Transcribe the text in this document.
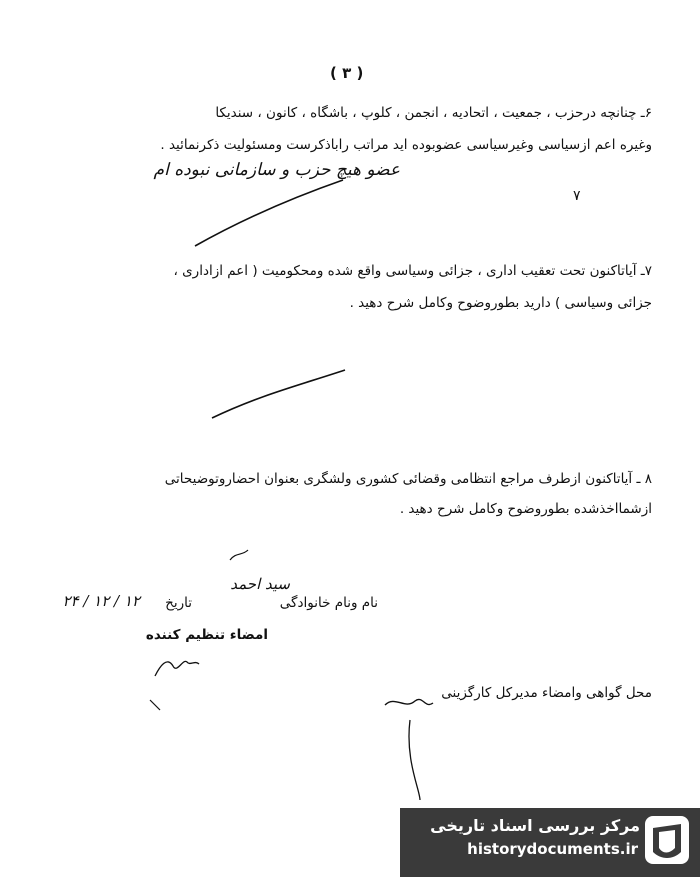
( ۳ )
۶ـ چنانچه درحزب ، جمعیت ، اتحادیه ، انجمن ، کلوپ ، باشگاه ، کانون ، سندیکا
وغیره اعم ازسیاسی وغیرسیاسی عضوبوده اید مراتب راباذکرست ومسئولیت ذکرنمائید .
عضو هیچ حزب و سازمانی نبوده ام
۷
۷ـ آیاتاکنون تحت تعقیب اداری ، جزائی وسیاسی واقع شده ومحکومیت ( اعم ازاداری ،
جزائی وسیاسی ) دارید بطوروضوح وکامل شرح دهید .
۸ ـ آیاتاکنون ازطرف مراجع انتظامی وقضائی کشوری ولشگری بعنوان احضاروتوضیحاتی
ازشمااخذشده بطوروضوح وکامل شرح دهید .
نام ونام خانوادگی
سید احمد
تاریخ
۲۴ / ۱۲ / ۱۲
امضاء تنظیم کننده
محل گواهی وامضاء مدیرکل کارگزینی
مرکز بررسی اسناد تاریخی
historydocuments.ir
